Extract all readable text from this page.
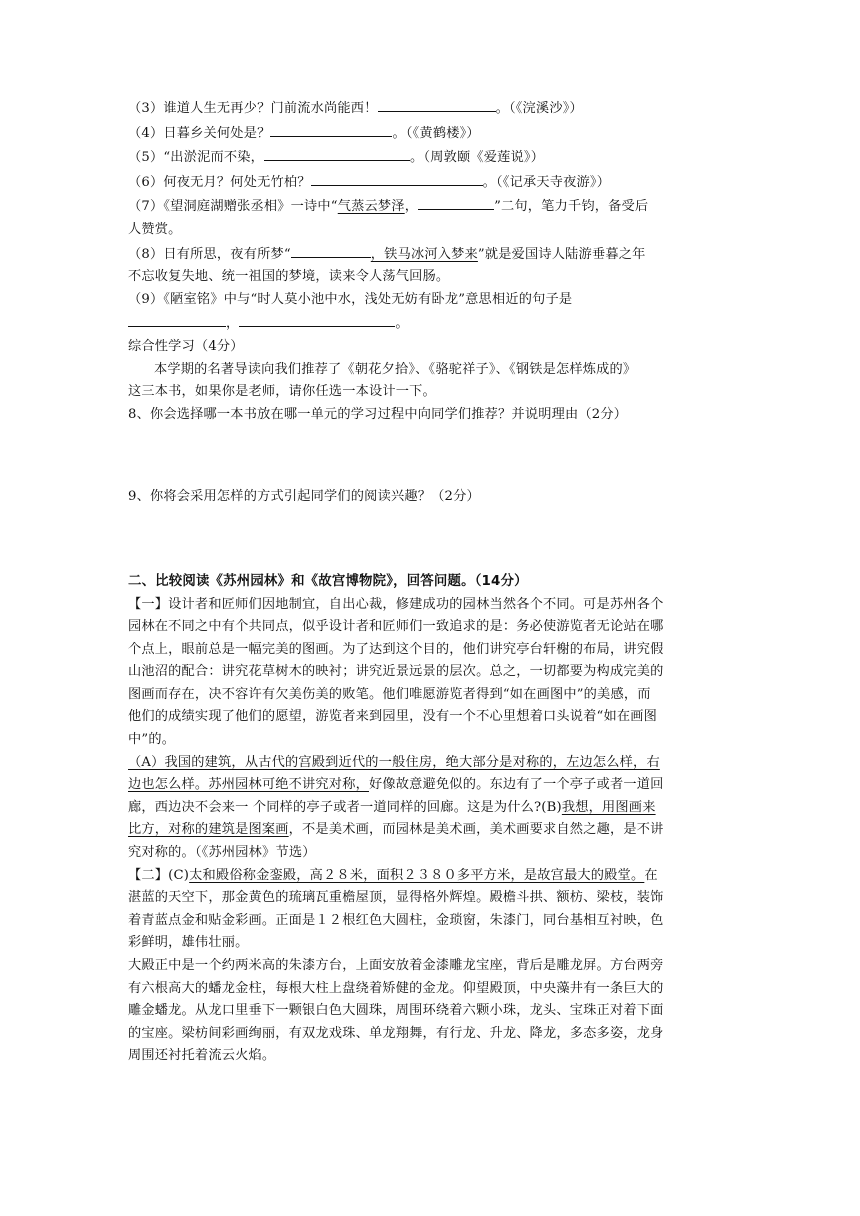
（3）谁道人生无再少？门前流水尚能西！	。（《浣溪沙》）
（4）日暮乡关何处是？	。（《黄鹤楼》）
（5）“出淤泥而不染，	。（周敦颐《爱莲说》）
（6）何夜无月？何处无竹柏？	。（《记承天寺夜游》）
（7）《望洞庭湖赠张丞相》一诗中“气蒸云梦泽，	”二句，笔力千钧，备受后
人赞赏。
（8）日有所思，夜有所梦“	，铁马冰河入梦来”就是爱国诗人陆游垂暮之年
不忘收复失地、统一祖国的梦境，读来令人荡气回肠。
（9）《陋室铭》中与“时人莫小池中水，浅处无妨有卧龙”意思相近的句子是
，	。
综合性学习（4分）
本学期的名著导读向我们推荐了《朝花夕拾》、《骆驼祥子》、《钢铁是怎样炼成的》
这三本书，如果你是老师，请你任选一本设计一下。
8、你会选择哪一本书放在哪一单元的学习过程中向同学们推荐？并说明理由（2分）
9、你将会采用怎样的方式引起同学们的阅读兴趣？（2分）
二、比较阅读《苏州园林》和《故宫博物院》，回答问题。（14分）
【一】设计者和匠师们因地制宜，自出心裁，修建成功的园林当然各个不同。可是苏州各个
园林在不同之中有个共同点，似乎设计者和匠师们一致追求的是：务必使游览者无论站在哪
个点上，眼前总是一幅完美的图画。为了达到这个目的，他们讲究亭台轩榭的布局，讲究假
山池沼的配合：讲究花草树木的映衬；讲究近景远景的层次。总之，一切都要为构成完美的
图画而存在，决不容许有欠美伤美的败笔。他们唯愿游览者得到“如在画图中”的美感，而
他们的成绩实现了他们的愿望，游览者来到园里，没有一个不心里想着口头说着“如在画图
中”的。
（A）我国的建筑，从古代的宫殿到近代的一般住房，绝大部分是对称的，左边怎么样，右
边也怎么样。苏州园林可绝不讲究对称，好像故意避免似的。东边有了一个亭子或者一道回
廊，西边决不会来一 个同样的亭子或者一道同样的回廊。这是为什么?(B)我想，用图画来
比方，对称的建筑是图案画，不是美术画，而园林是美术画，美术画要求自然之趣，是不讲
究对称的。（《苏州园林》节选）
【二】(C)太和殿俗称金銮殿，高２８米，面积２３８０多平方米，是故宫最大的殿堂。在
湛蓝的天空下，那金黄色的琉璃瓦重檐屋顶，显得格外辉煌。殿檐斗拱、额枋、梁枝，装饰
着青蓝点金和贴金彩画。正面是１２根红色大圆柱，金琐窗，朱漆门，同台基相互衬映，色
彩鲜明，雄伟壮丽。
大殿正中是一个约两米高的朱漆方台，上面安放着金漆雕龙宝座，背后是雕龙屏。方台两旁
有六根高大的蟠龙金柱，每根大柱上盘绕着矫健的金龙。仰望殿顶，中央藻井有一条巨大的
雕金蟠龙。从龙口里垂下一颗银白色大圆珠，周围环绕着六颗小珠，龙头、宝珠正对着下面
的宝座。梁枋间彩画绚丽，有双龙戏珠、单龙翔舞，有行龙、升龙、降龙，多态多姿，龙身
周围还衬托着流云火焰。
